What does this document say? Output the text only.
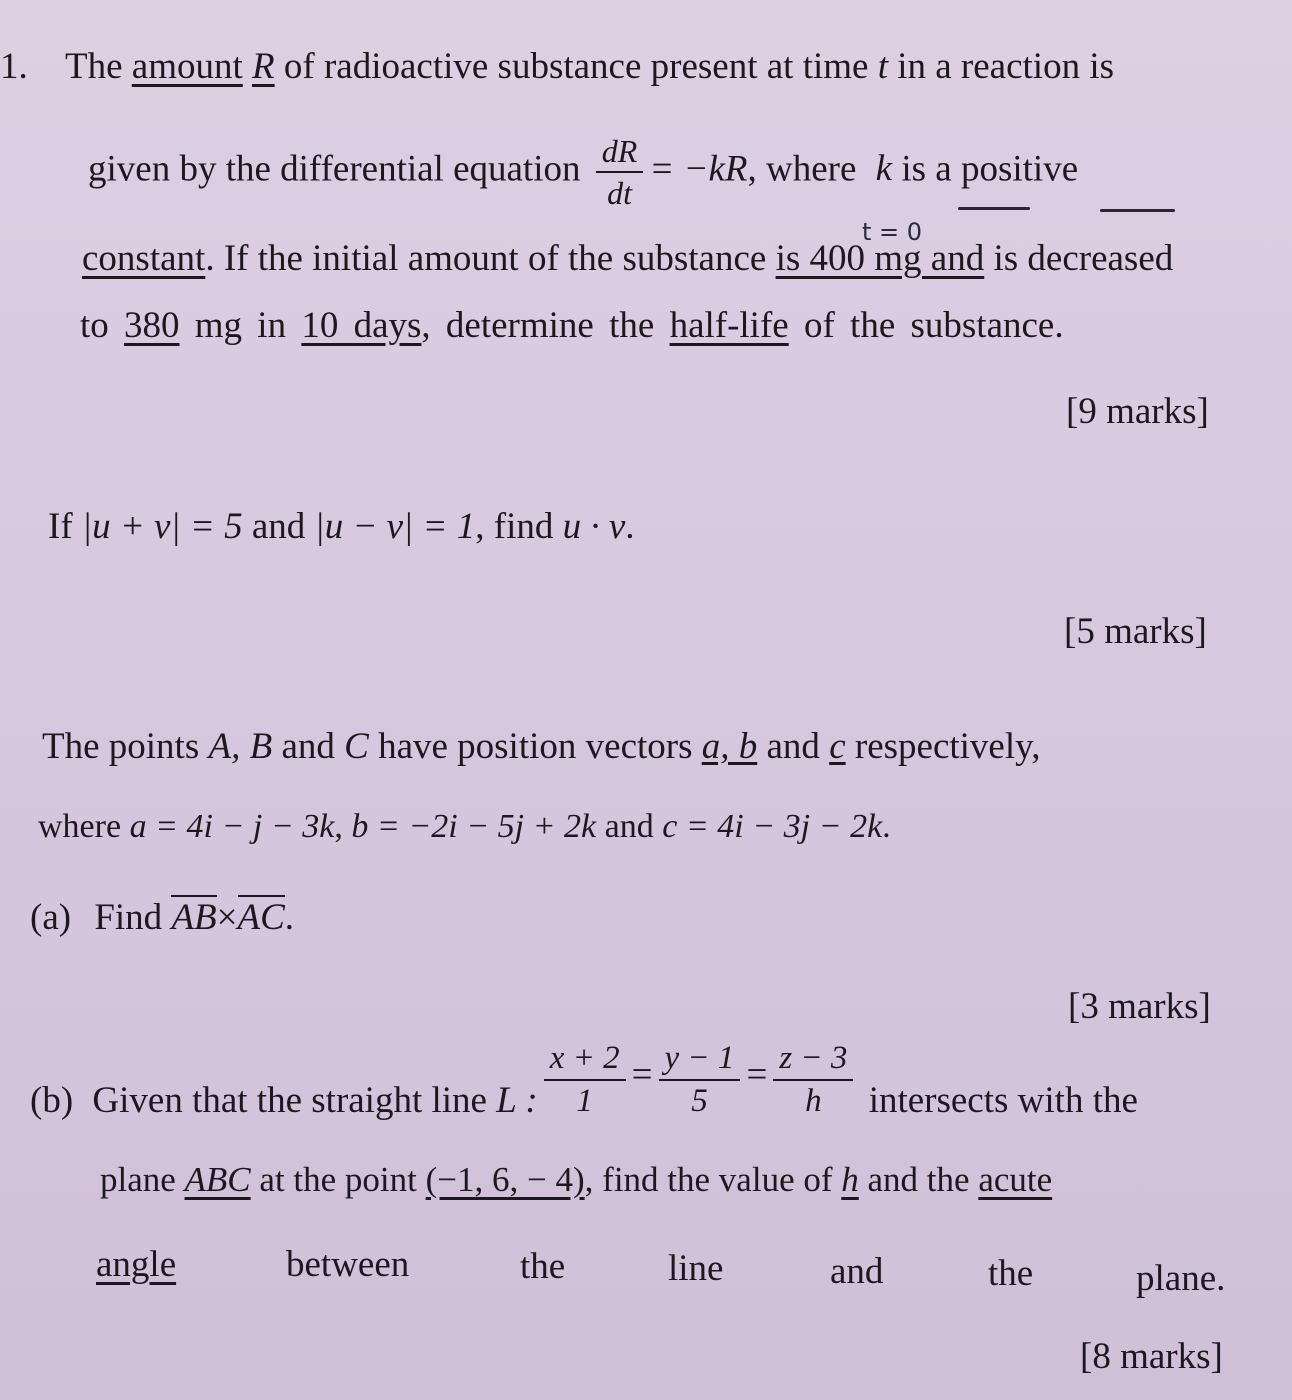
1. The amount R of radioactive substance present at time t in a reaction is
given by the differential equation $\frac{dR}{dt} = -kR$, where k is a positive
t = 0
constant. If the initial amount of the substance is 400 mg and is decreased
to 380 mg in 10 days, determine the half-life of the substance.
[9 marks]
If |u + v| = 5 and |u − v| = 1, find u · v.
[5 marks]
The points A, B and C have position vectors a, b and c respectively,
where a = 4i − j − 3k, b = −2i − 5j + 2k and c = 4i − 3j − 2k.
(a) Find AB×AC.
[3 marks]
(b) Given that the straight line L : $\frac{x + 2}{1} = \frac{y - 1}{5} = \frac{z - 3}{h}$ intersects with the
plane ABC at the point (−1, 6, − 4), find the value of h and the acute
angle	between	the	line	and	the	plane.
[8 marks]
